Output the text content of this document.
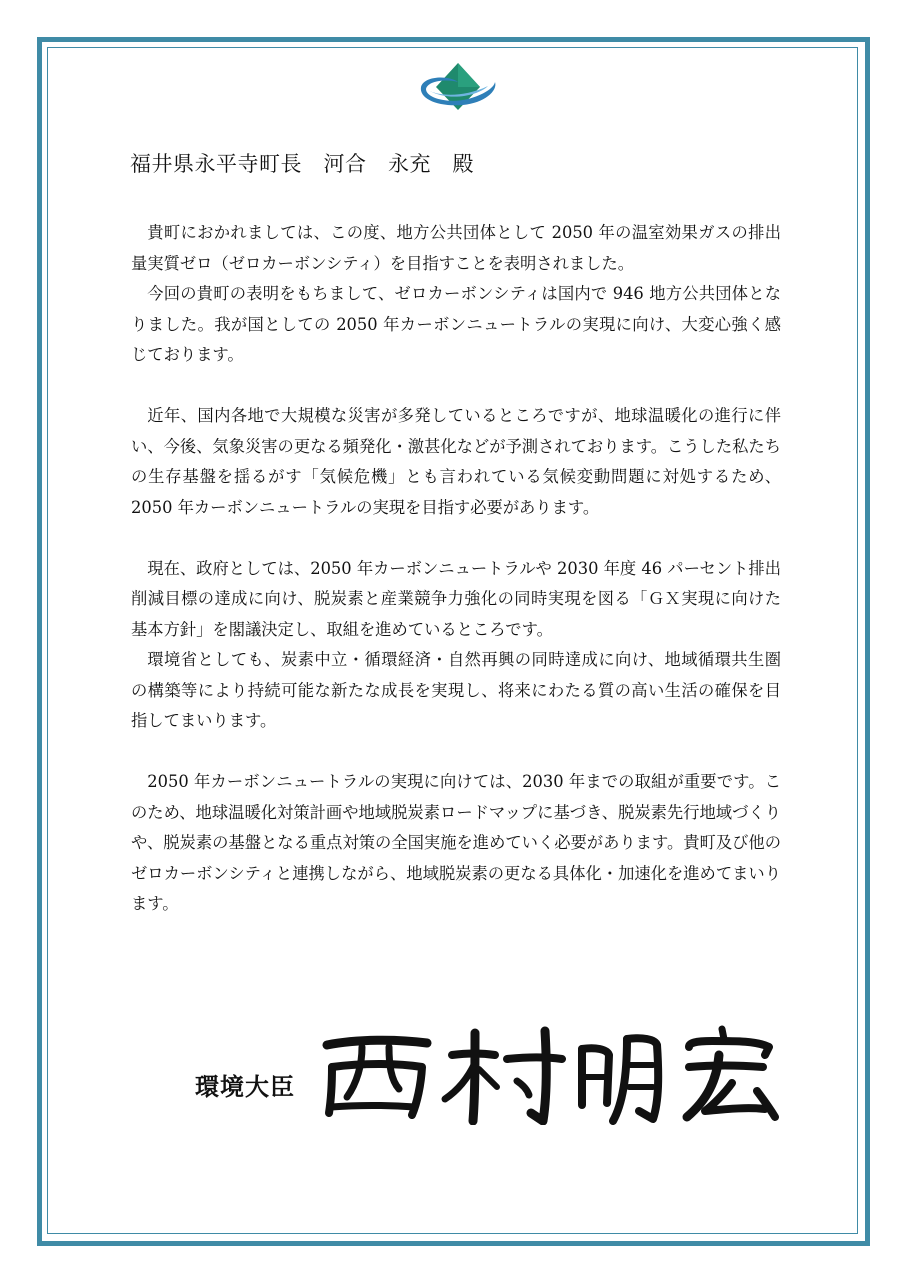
福井県永平寺町長　河合　永充　殿

貴町におかれましては、この度、地方公共団体として 2050 年の温室効果ガスの排出量実質ゼロ（ゼロカーボンシティ）を目指すことを表明されました。

今回の貴町の表明をもちまして、ゼロカーボンシティは国内で 946 地方公共団体となりました。我が国としての 2050 年カーボンニュートラルの実現に向け、大変心強く感じております。

近年、国内各地で大規模な災害が多発しているところですが、地球温暖化の進行に伴い、今後、気象災害の更なる頻発化・激甚化などが予測されております。こうした私たちの生存基盤を揺るがす「気候危機」とも言われている気候変動問題に対処するため、2050 年カーボンニュートラルの実現を目指す必要があります。

現在、政府としては、2050 年カーボンニュートラルや 2030 年度 46 パーセント排出削減目標の達成に向け、脱炭素と産業競争力強化の同時実現を図る「ＧＸ実現に向けた基本方針」を閣議決定し、取組を進めているところです。

環境省としても、炭素中立・循環経済・自然再興の同時達成に向け、地域循環共生圏の構築等により持続可能な新たな成長を実現し、将来にわたる質の高い生活の確保を目指してまいります。

2050 年カーボンニュートラルの実現に向けては、2030 年までの取組が重要です。このため、地球温暖化対策計画や地域脱炭素ロードマップに基づき、脱炭素先行地域づくりや、脱炭素の基盤となる重点対策の全国実施を進めていく必要があります。貴町及び他のゼロカーボンシティと連携しながら、地域脱炭素の更なる具体化・加速化を進めてまいります。

環境大臣
